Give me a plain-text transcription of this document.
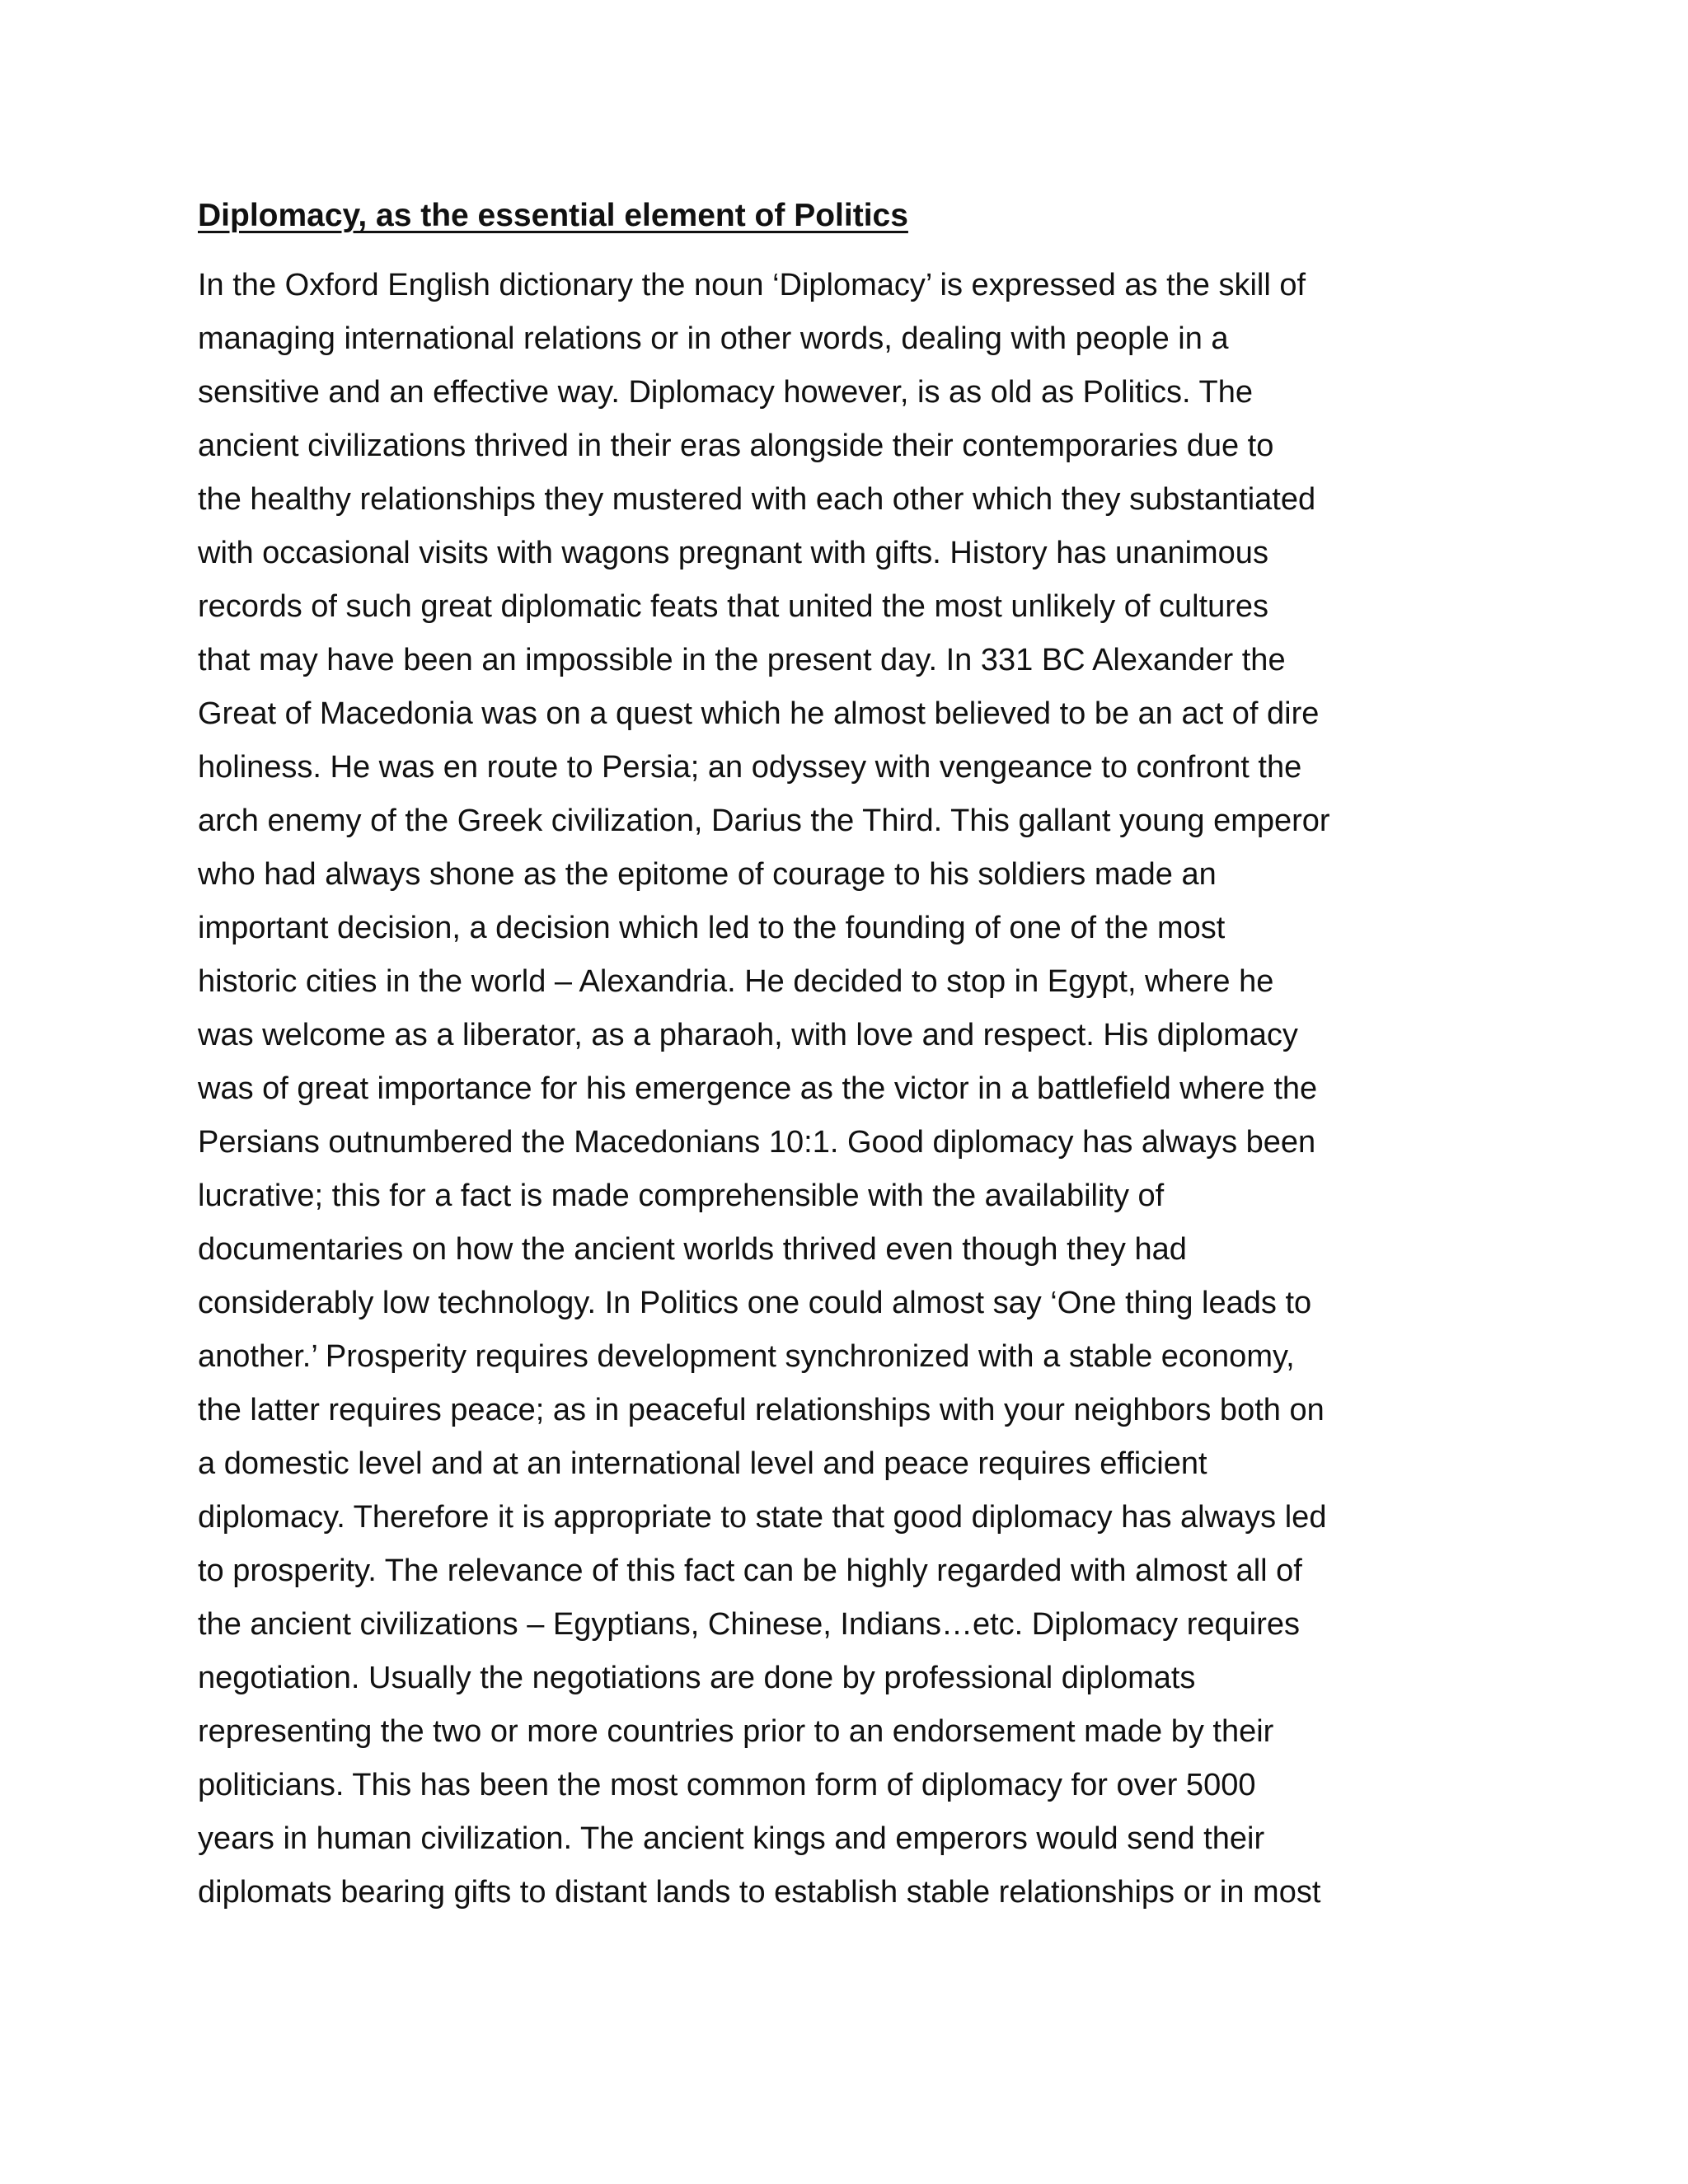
Diplomacy, as the essential element of Politics

In the Oxford English dictionary the noun ‘Diplomacy’ is expressed as the skill of
managing international relations or in other words, dealing with people in a
sensitive and an effective way. Diplomacy however, is as old as Politics. The
ancient civilizations thrived in their eras alongside their contemporaries due to
the healthy relationships they mustered with each other which they substantiated
with occasional visits with wagons pregnant with gifts. History has unanimous
records of such great diplomatic feats that united the most unlikely of cultures
that may have been an impossible in the present day. In 331 BC Alexander the
Great of Macedonia was on a quest which he almost believed to be an act of dire
holiness. He was en route to Persia; an odyssey with vengeance to confront the
arch enemy of the Greek civilization, Darius the Third. This gallant young emperor
who had always shone as the epitome of courage to his soldiers made an
important decision, a decision which led to the founding of one of the most
historic cities in the world – Alexandria. He decided to stop in Egypt, where he
was welcome as a liberator, as a pharaoh, with love and respect. His diplomacy
was of great importance for his emergence as the victor in a battlefield where the
Persians outnumbered the Macedonians 10:1. Good diplomacy has always been
lucrative; this for a fact is made comprehensible with the availability of
documentaries on how the ancient worlds thrived even though they had
considerably low technology. In Politics one could almost say ‘One thing leads to
another.’ Prosperity requires development synchronized with a stable economy,
the latter requires peace; as in peaceful relationships with your neighbors both on
a domestic level and at an international level and peace requires efficient
diplomacy. Therefore it is appropriate to state that good diplomacy has always led
to prosperity. The relevance of this fact can be highly regarded with almost all of
the ancient civilizations – Egyptians, Chinese, Indians…etc. Diplomacy requires
negotiation. Usually the negotiations are done by professional diplomats
representing the two or more countries prior to an endorsement made by their
politicians. This has been the most common form of diplomacy for over 5000
years in human civilization. The ancient kings and emperors would send their
diplomats bearing gifts to distant lands to establish stable relationships or in most
